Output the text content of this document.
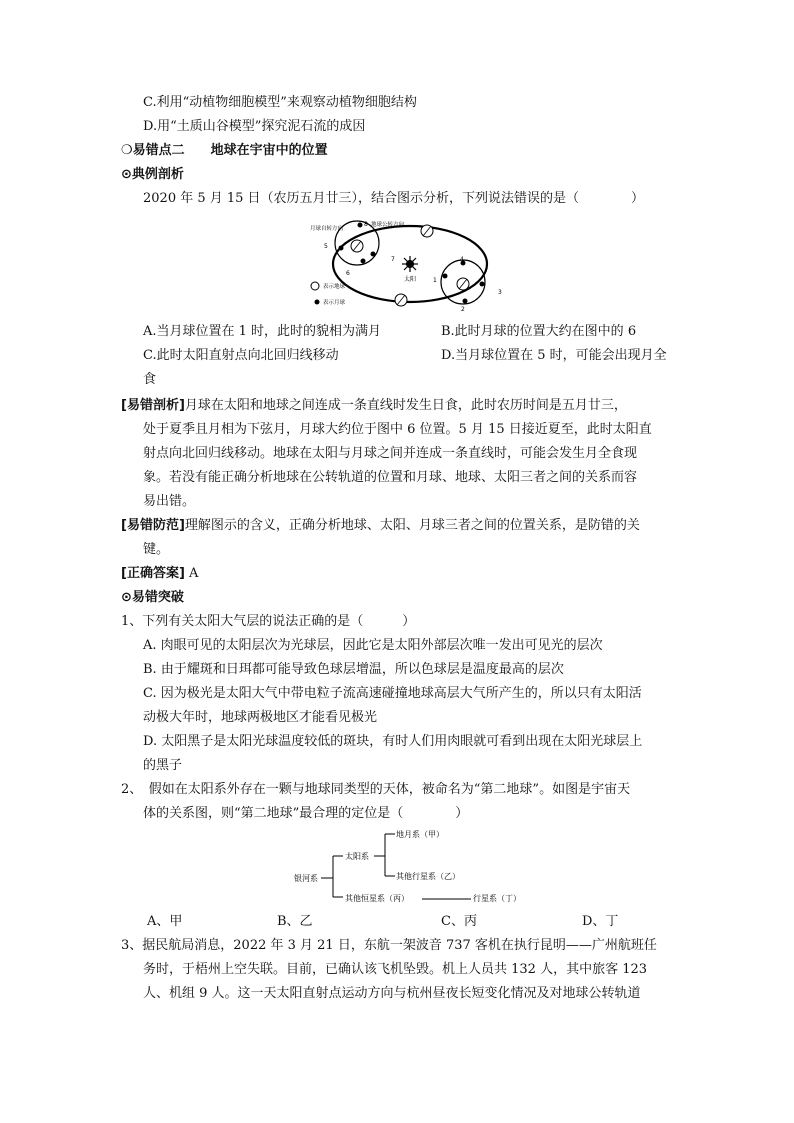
C.利用“动植物细胞模型”来观察动植物细胞结构
D.用“土质山谷模型”探究泥石流的成因
❍易错点二　　地球在宇宙中的位置
⊙典例剖析
2020 年 5 月 15 日（农历五月廿三），结合图示分析，下列说法错误的是（　　　　）
太阳	1
2
3
4
5
6
7
8
月球自转方向
地球公转方向
表示地球
表示月球
A.当月球位置在 1 时，此时的貌相为满月	B.此时月球的位置大约在图中的 6
C.此时太阳直射点向北回归线移动	D.当月球位置在 5 时，可能会出现月全
食
[易错剖析]月球在太阳和地球之间连成一条直线时发生日食，此时农历时间是五月廿三，
处于夏季且月相为下弦月，月球大约位于图中 6 位置。5 月 15 日接近夏至，此时太阳直
射点向北回归线移动。地球在太阳与月球之间并连成一条直线时，可能会发生月全食现
象。若没有能正确分析地球在公转轨道的位置和月球、地球、太阳三者之间的关系而容
易出错。
[易错防范]理解图示的含义，正确分析地球、太阳、月球三者之间的位置关系，是防错的关
键。
[正确答案] A
⊙易错突破
1、下列有关太阳大气层的说法正确的是（　　　）
A. 肉眼可见的太阳层次为光球层，因此它是太阳外部层次唯一发出可见光的层次
B. 由于耀斑和日珥都可能导致色球层增温，所以色球层是温度最高的层次
C. 因为极光是太阳大气中带电粒子流高速碰撞地球高层大气所产生的，所以只有太阳活
动极大年时，地球两极地区才能看见极光
D. 太阳黑子是太阳光球温度较低的斑块，有时人们用肉眼就可看到出现在太阳光球层上
的黑子
2、　假如在太阳系外存在一颗与地球同类型的天体，被命名为“第二地球”。如图是宇宙天
体的关系图，则“第二地球”最合理的定位是（　　　　）
银河系
太阳系
地月系（甲）
其他行星系（乙）
其他恒星系（丙）	行星系（丁）
A、甲	B、乙	C、丙	D、丁
3、据民航局消息，2022 年 3 月 21 日，东航一架波音 737 客机在执行昆明——广州航班任
务时，于梧州上空失联。目前，已确认该飞机坠毁。机上人员共 132 人，其中旅客 123
人、机组 9 人。这一天太阳直射点运动方向与杭州昼夜长短变化情况及对地球公转轨道
